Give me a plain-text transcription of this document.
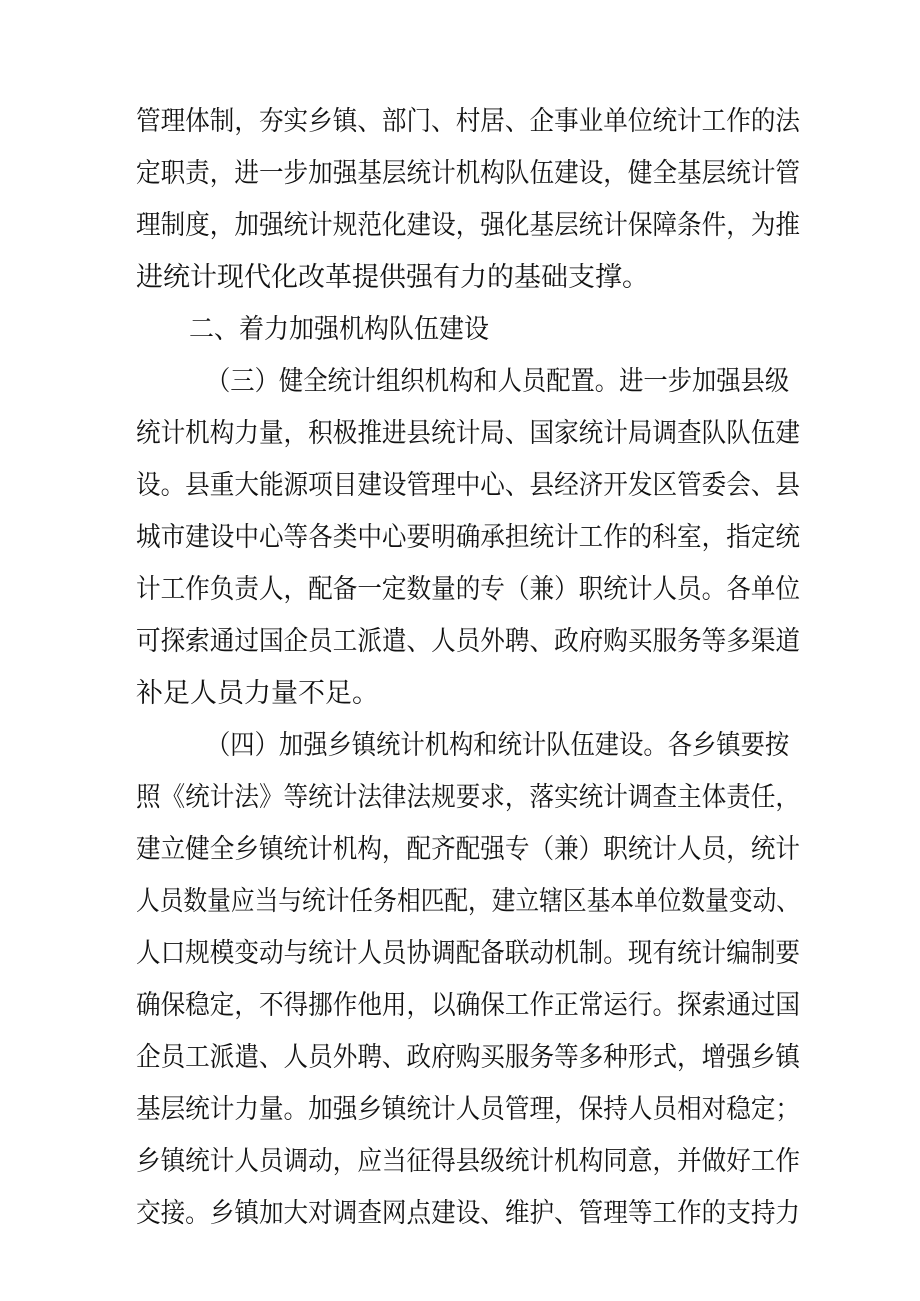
管理体制，夯实乡镇、部门、村居、企事业单位统计工作的法
定职责，进一步加强基层统计机构队伍建设，健全基层统计管
理制度，加强统计规范化建设，强化基层统计保障条件，为推
进统计现代化改革提供强有力的基础支撑。
二、着力加强机构队伍建设
（三）健全统计组织机构和人员配置。进一步加强县级
统计机构力量，积极推进县统计局、国家统计局调查队队伍建
设。县重大能源项目建设管理中心、县经济开发区管委会、县
城市建设中心等各类中心要明确承担统计工作的科室，指定统
计工作负责人，配备一定数量的专（兼）职统计人员。各单位
可探索通过国企员工派遣、人员外聘、政府购买服务等多渠道
补足人员力量不足。
（四）加强乡镇统计机构和统计队伍建设。各乡镇要按
照《统计法》等统计法律法规要求，落实统计调查主体责任，
建立健全乡镇统计机构，配齐配强专（兼）职统计人员，统计
人员数量应当与统计任务相匹配，建立辖区基本单位数量变动、
人口规模变动与统计人员协调配备联动机制。现有统计编制要
确保稳定，不得挪作他用，以确保工作正常运行。探索通过国
企员工派遣、人员外聘、政府购买服务等多种形式，增强乡镇
基层统计力量。加强乡镇统计人员管理，保持人员相对稳定；
乡镇统计人员调动，应当征得县级统计机构同意，并做好工作
交接。乡镇加大对调查网点建设、维护、管理等工作的支持力
